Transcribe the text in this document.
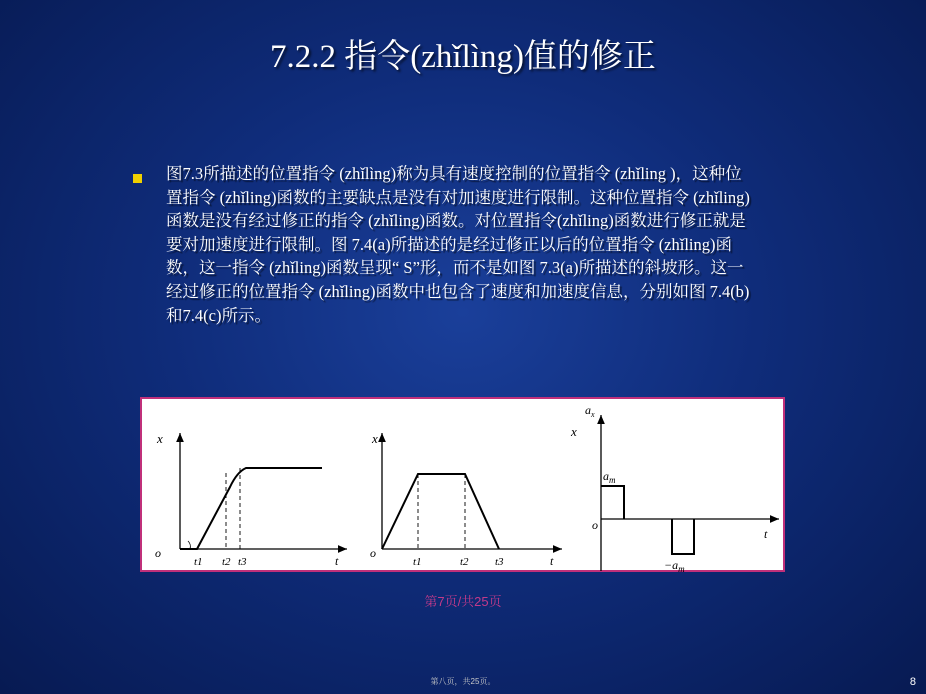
7.2.2 指令(zhǐlìng)值的修正
图7.3所描述的位置指令 (zhǐlìng)称为具有速度控制的位置指令 (zhǐling )，这种位置指令 (zhǐling)函数的主要缺点是没有对加速度进行限制。这种位置指令 (zhǐling)函数是没有经过修正的指令 (zhǐling)函数。对位置指令(zhǐling)函数进行修正就是要对加速度进行限制。图 7.4(a)所描述的是经过修正以后的位置指令 (zhǐling)函数，这一指令 (zhǐling)函数呈现“ S”形，而不是如图 7.3(a)所描述的斜坡形。这一经过修正的位置指令 (zhǐling)函数中也包含了速度和加速度信息，分别如图 7.4(b)和7.4(c)所示。
x
o
t1 t2 t3	t
x
o
t1	t2 t3	t
$a_x$
x
$a_m$
o
$-a_m$
t
第7页/共25页
第八页，共25页。	8
